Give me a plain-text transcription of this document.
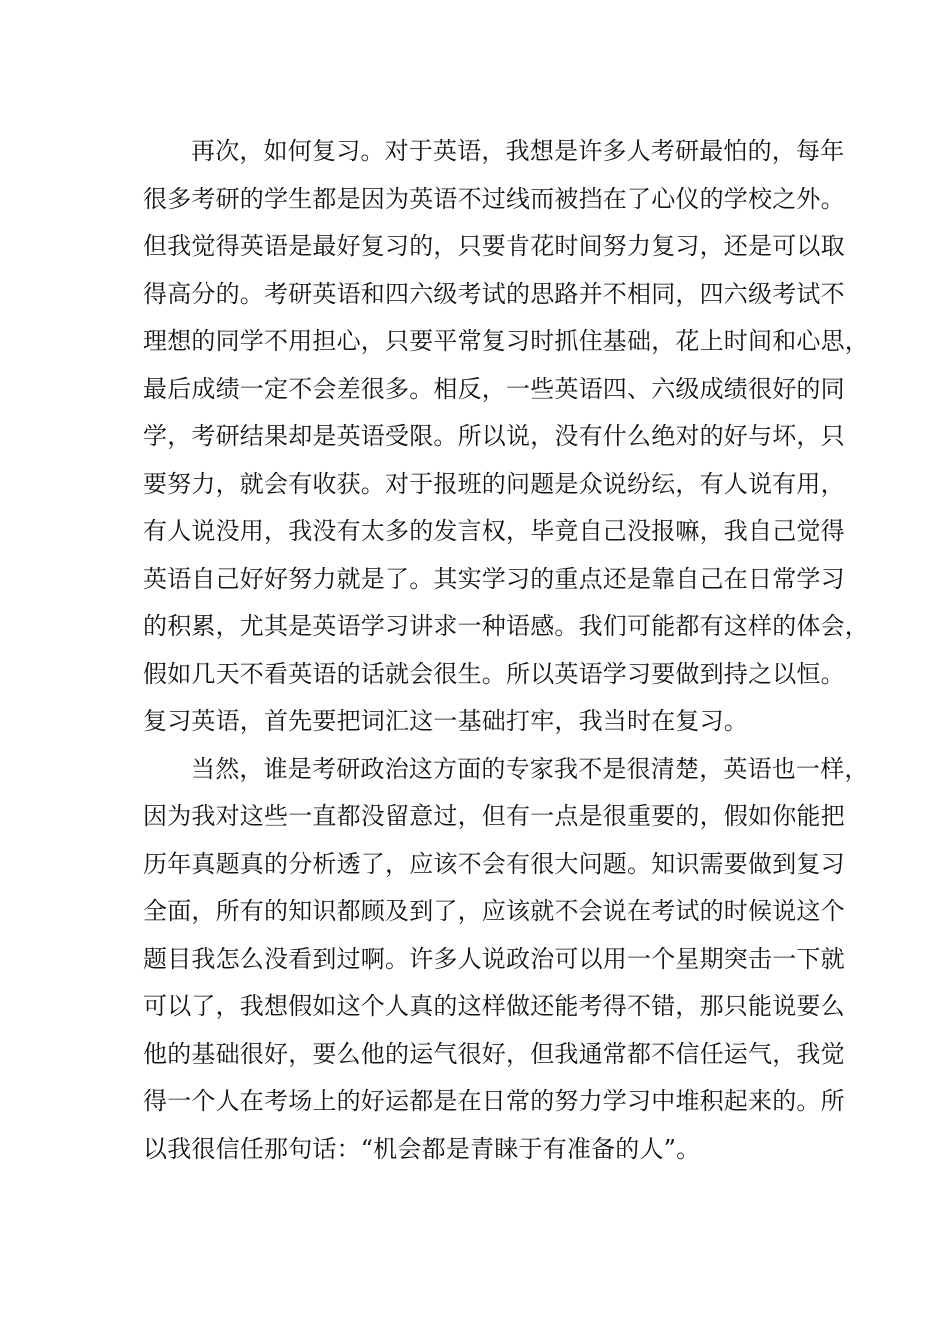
再次，如何复习。对于英语，我想是许多人考研最怕的，每年
很多考研的学生都是因为英语不过线而被挡在了心仪的学校之外。
但我觉得英语是最好复习的，只要肯花时间努力复习，还是可以取
得高分的。考研英语和四六级考试的思路并不相同，四六级考试不
理想的同学不用担心，只要平常复习时抓住基础，花上时间和心思，
最后成绩一定不会差很多。相反，一些英语四、六级成绩很好的同
学，考研结果却是英语受限。所以说，没有什么绝对的好与坏，只
要努力，就会有收获。对于报班的问题是众说纷纭，有人说有用，
有人说没用，我没有太多的发言权，毕竟自己没报嘛，我自己觉得
英语自己好好努力就是了。其实学习的重点还是靠自己在日常学习
的积累，尤其是英语学习讲求一种语感。我们可能都有这样的体会，
假如几天不看英语的话就会很生。所以英语学习要做到持之以恒。
复习英语，首先要把词汇这一基础打牢，我当时在复习。
当然，谁是考研政治这方面的专家我不是很清楚，英语也一样，
因为我对这些一直都没留意过，但有一点是很重要的，假如你能把
历年真题真的分析透了，应该不会有很大问题。知识需要做到复习
全面，所有的知识都顾及到了，应该就不会说在考试的时候说这个
题目我怎么没看到过啊。许多人说政治可以用一个星期突击一下就
可以了，我想假如这个人真的这样做还能考得不错，那只能说要么
他的基础很好，要么他的运气很好，但我通常都不信任运气，我觉
得一个人在考场上的好运都是在日常的努力学习中堆积起来的。所
以我很信任那句话：“机会都是青睐于有准备的人”。
